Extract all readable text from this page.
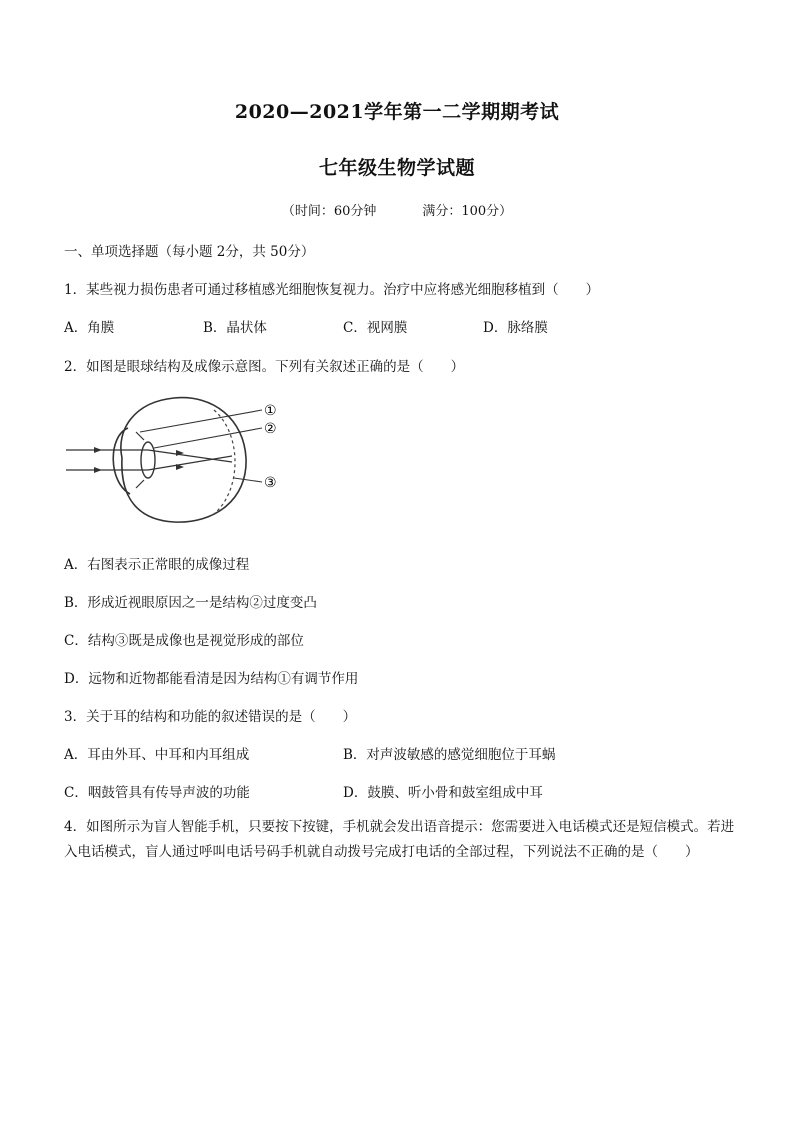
2020—2021学年第一二学期期考试
七年级生物学试题
（时间：60分钟	满分：100分）
一、单项选择题（每小题 2分，共 50分）
1．某些视力损伤患者可通过移植感光细胞恢复视力。治疗中应将感光细胞移植到（　　）
A．角膜	B．晶状体	C．视网膜	D．脉络膜
2．如图是眼球结构及成像示意图。下列有关叙述正确的是（　　）
①
②
③
A．右图表示正常眼的成像过程
B．形成近视眼原因之一是结构②过度变凸
C．结构③既是成像也是视觉形成的部位
D．远物和近物都能看清是因为结构①有调节作用
3．关于耳的结构和功能的叙述错误的是（　　）
A．耳由外耳、中耳和内耳组成	B．对声波敏感的感觉细胞位于耳蜗
C．咽鼓管具有传导声波的功能	D．鼓膜、听小骨和鼓室组成中耳
4．如图所示为盲人智能手机，只要按下按键，手机就会发出语音提示：您需要进入电话模式还是短信模式。若进入电话模式，盲人通过呼叫电话号码手机就自动拨号完成打电话的全部过程，下列说法不正确的是（　　）
